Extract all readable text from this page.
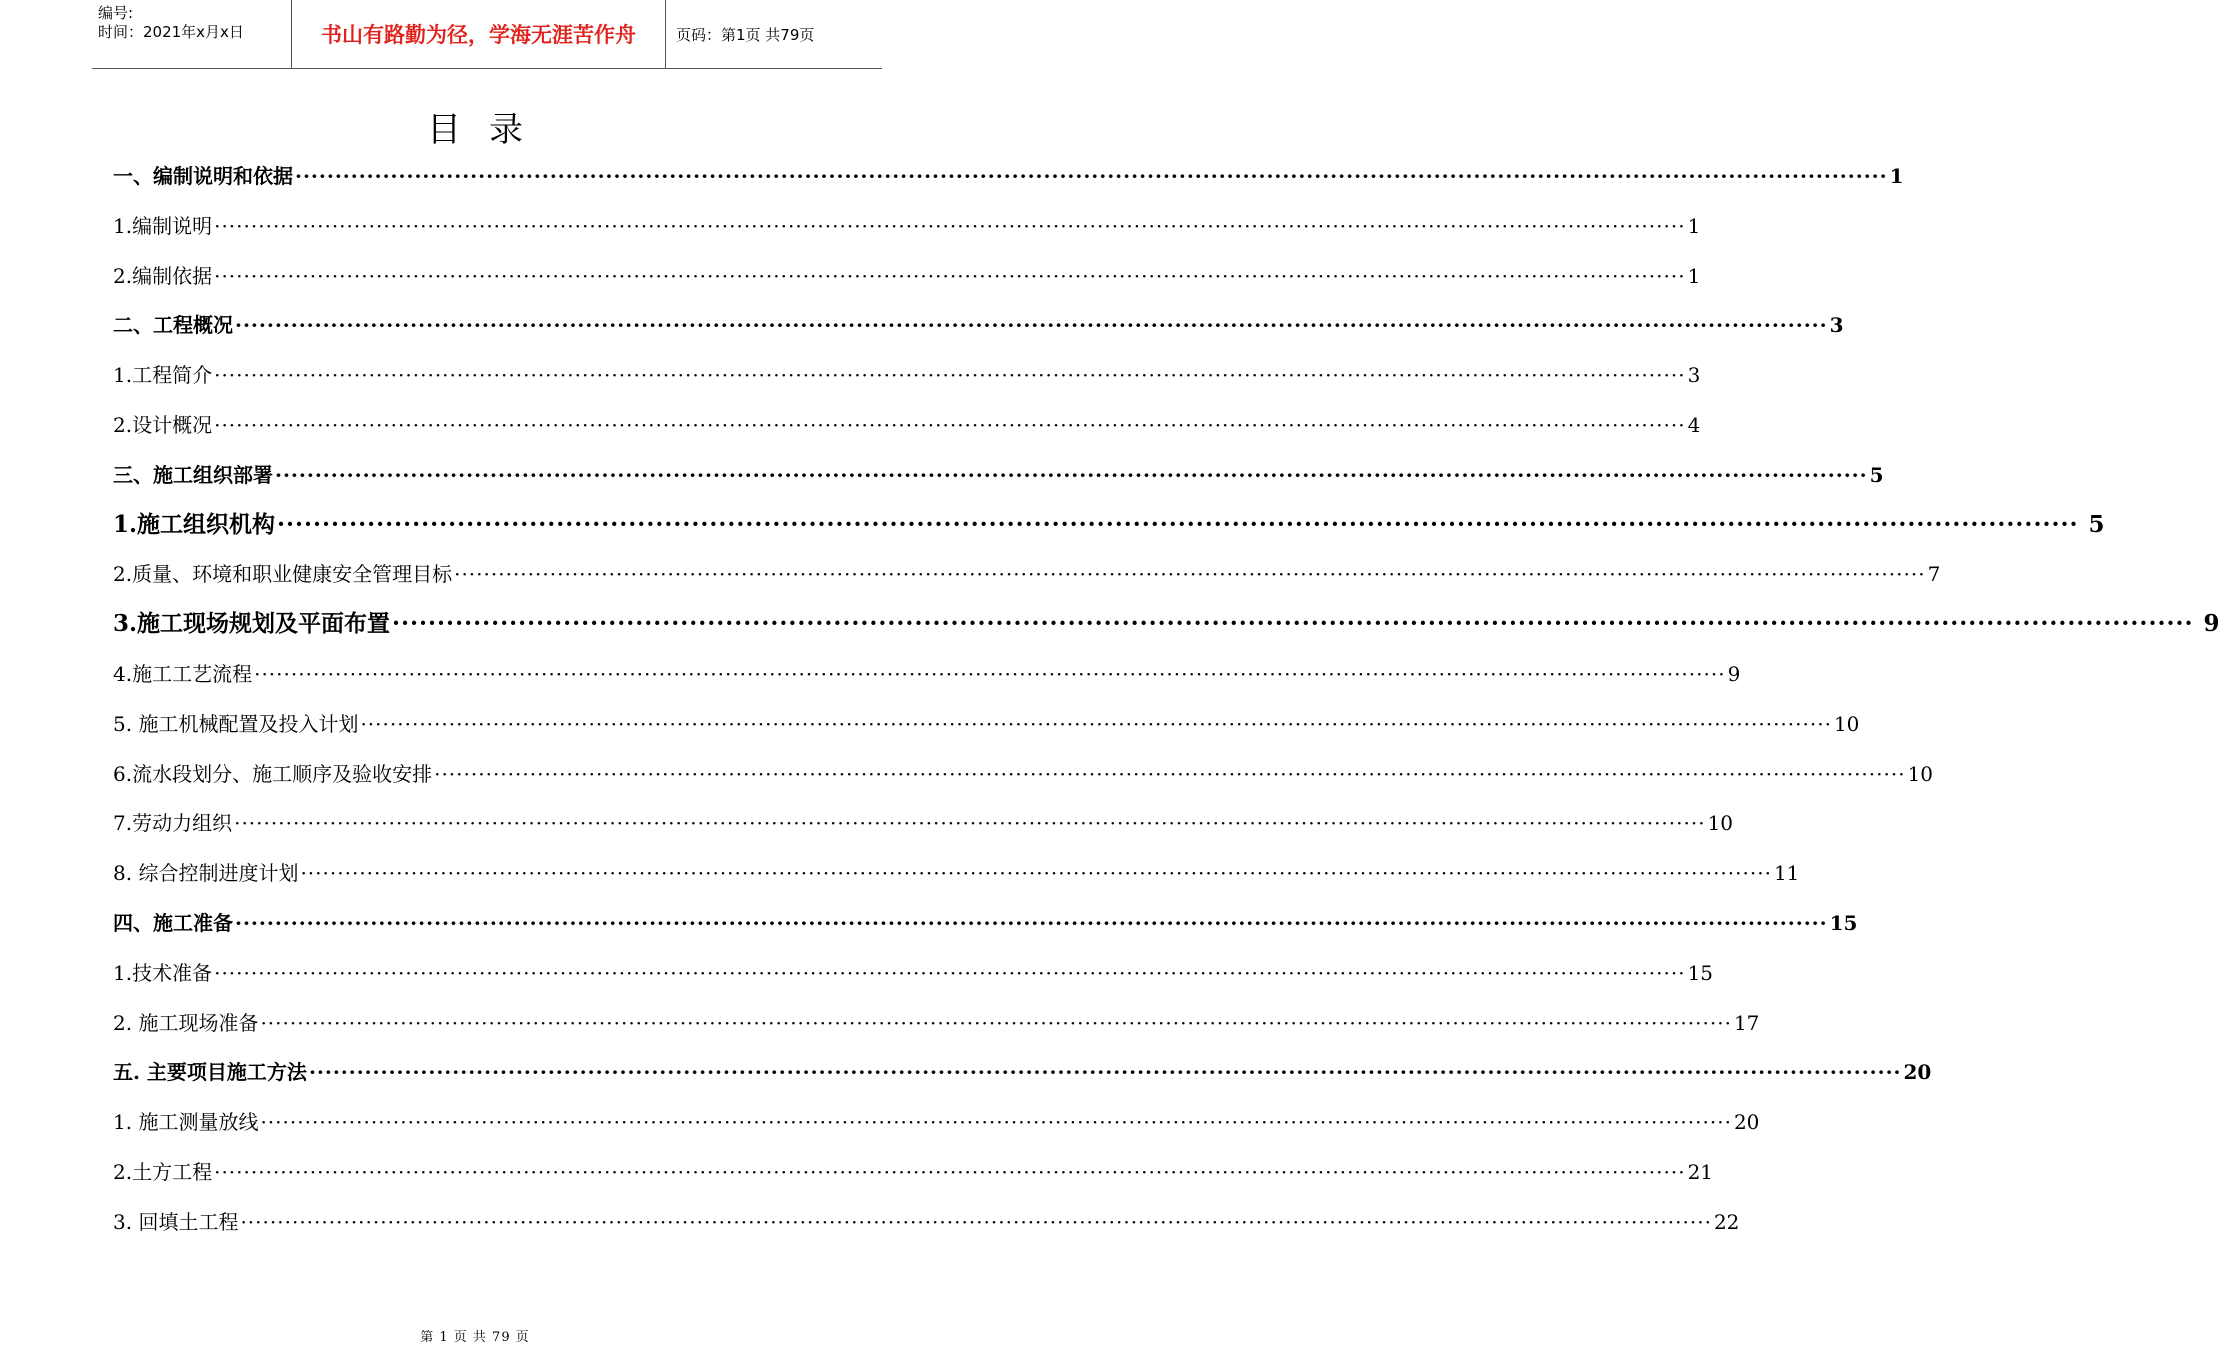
编号:
时间：2021年x月x日	书山有路勤为径，学海无涯苦作舟	页码：第1页 共79页
目录
一、编制说明和依据 ········································································································································································································ 1
1.编制说明 ········································································································································································································ 1
2.编制依据 ········································································································································································································ 1
二、工程概况 ········································································································································································································ 3
1.工程简介 ········································································································································································································ 3
2.设计概况 ········································································································································································································ 4
三、施工组织部署 ········································································································································································································ 5
1.施工组织机构 ········································································································································································································ 5
2.质量、环境和职业健康安全管理目标 ········································································································································································································ 7
3.施工现场规划及平面布置 ········································································································································································································ 9
4.施工工艺流程 ········································································································································································································ 9
5. 施工机械配置及投入计划 ········································································································································································································ 10
6.流水段划分、施工顺序及验收安排 ········································································································································································································ 10
7.劳动力组织 ········································································································································································································ 10
8. 综合控制进度计划 ········································································································································································································ 11
四、施工准备 ········································································································································································································ 15
1.技术准备 ········································································································································································································ 15
2. 施工现场准备 ········································································································································································································ 17
五. 主要项目施工方法 ········································································································································································································ 20
1. 施工测量放线 ········································································································································································································ 20
2.土方工程 ········································································································································································································ 21
3. 回填土工程 ········································································································································································································ 22
第 1 页 共 79 页
